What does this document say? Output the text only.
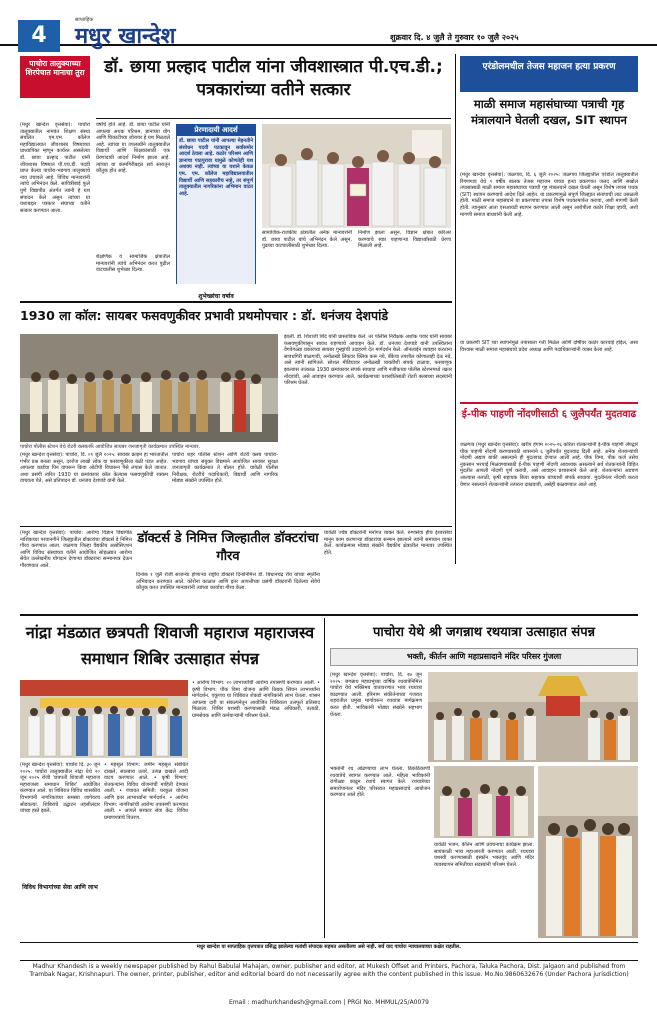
4
साप्ताहिक
मधुर खान्देश	शुक्रवार दि. ४ जुलै ते गुरुवार १० जुलै २०२५
पाचोरा तालुक्याच्या शिरपेचात मानाचा तुरा	डॉ. छाया प्रल्हाद पाटील यांना जीवशास्त्रात पी.एच.डी.; पत्रकारांच्या वतीने सत्कार
(मधुर खान्देश वृत्तसेवा): पाचोरा तालुक्यातील नामवंत शिक्षण संस्था संचलित एम.एम. कॉलेज महाविद्यालयात जीवशास्त्र विषयाच्या प्राध्यापिका म्हणून कार्यरत असलेल्या डॉ. छाया प्रल्हाद पाटील यांनी जीवशास्त्र विषयात पी.एच.डी. पदवी प्राप्त केल्या पाचोरा-भडगाव तालुक्याचे नाव उंचावले आहे. विविध मान्यवरांनी त्यांचे अभिनंदन केले. सावित्रीबाई फुले पुणे विद्यापीठ अंतर्गत त्यांनी हे यश संपादन केले असून त्यांच्या या यशाबद्दल पत्रकार संघाच्या वतीने सत्कार करण्यात आला.
वर्षांचे होते आहे. डॉ. छाया पाटील यांनी आपल्या अथक परिश्रम, ज्ञानाच्या योग आणि चिकाटीच्या जोरावर हे यश मिळवले आहे. त्यांच्या या उपलब्धीने तालुक्यातील विद्यार्थी आणि शिक्षकांसाठी एक प्रेरणादायी आदर्श निर्माण झाला आहे. त्यांच्या या कामगिरीबद्दल सर्व स्तरातून कौतुक होत आहे.
प्रेरणादायी आदर्श
डॉ. छाया पाटील यांनी आपल्या मेहनतीने संशोधन पदवी पटकावून सर्वांसमोर आदर्श ठेवला आहे. कठोर परिश्रम आणि ज्ञानाचा पाठपुरावा यामुळे कोणतेही यश अशक्य नाही. त्यांच्या या यशाने केवळ एम. एम. कॉलेज महाविद्यालयातील विद्यार्थी आणि सहकारीच नव्हे, तर संपूर्ण तालुक्यातील नागरिकांना अभिमान वाटत आहे.
शैक्षणिक व सामाजिक क्षेत्रातील मान्यवरांनी त्यांचे अभिनंदन करत पुढील वाटचालीस शुभेच्छा दिल्या.
शुभेच्छांचा वर्षाव
सामाजिक-राजकीय क्षेत्रातील अनेक मान्यवरांनी डॉ. छाया पाटील यांचे अभिनंदन केले असून, पुढच्या वाटचालीसाठी शुभेच्छा दिल्या.
निर्माण झाला असून, विज्ञान क्षेत्रात करिअर करण्याचे स्वप्न पाहणाऱ्या विद्यार्थ्यांसाठी प्रेरणा मिळाली आहे.
एरंडोलमधील तेजस महाजन हत्या प्रकरण
माळी समाज महासंघाच्या पत्राची गृह मंत्रालयाने घेतली दखल, SIT स्थापन
(मधुर खान्देश वृत्तसेवा): जळगाव, दि. ६ जुलै २०२५: जळगाव जिल्ह्यातील एरंडोल तालुक्यातील रिंगणगाव येथे ९ वर्षीय बालक तेजस महाजन याच्या हत्या प्रकरणात जलद आणि सखोल तपासासाठी माळी समाज महासंघाच्या पत्राची गृह मंत्रालयाने दखल घेतली असून विशेष तपास पथक (SIT) स्थापन करण्याचे आदेश दिले आहेत. या प्रकरणामुळे संपूर्ण जिल्ह्यात संतापाची लाट उसळली होती. माळी समाज महासंघाने या प्रकरणाचा तपास विशेष पथकामार्फत करावा, अशी मागणी केली होती. त्यानुसार आता एसआयटी स्थापन करण्यात आली असून आरोपीला कठोर शिक्षा व्हावी, अशी मागणी समाज बांधवांनी केली आहे.
या प्रकरणी SIT च्या स्थापनेमुळे तपासाला गती मिळेल आणि दोषींवर कठोर कारवाई होईल, असा विश्वास माळी समाज महासंघाचे प्रदेश अध्यक्ष आणि पदाधिकाऱ्यांनी व्यक्त केला आहे.
1930 ला कॉल: सायबर फसवणुकीवर प्रभावी प्रथमोपचार : डॉ. धनंजय देशपांडे
पाचोरा पोलीस स्टेशन येथे रोटरी क्लबतर्फे आयोजित सायबर जनजागृती कार्यक्रमात उपस्थित मान्यवर.
(मधुर खान्देश वृत्तसेवा): पाचोरा, दि. ०१ जुलै २०२५: सायबर क्राइम हा भारतातील गंभीर प्रश्न बनला असून, दररोज लाखो लोक या फसवणुकीला बळी पडत आहेत. आपल्या कार्डचा पिन वापरून किंवा ओटीपी विचारून पैसे लंपास केले जातात. अशा प्रसंगी त्वरित 1930 या क्रमांकावर कॉल केल्यास फसवणुकीची रक्कम वाचवता येते, असे प्रतिपादन डॉ. धनंजय देशपांडे यांनी केले.
पाचोरा शहर पोलीस स्टेशन आणि रोटरी क्लब पाचोरा-भडगाव यांच्या संयुक्त विद्यमाने आयोजित सायबर सुरक्षा जनजागृती कार्यक्रमात ते बोलत होते. यावेळी पोलीस निरीक्षक, रोटरीचे पदाधिकारी, विद्यार्थी आणि नागरिक मोठ्या संख्येने उपस्थित होते.
झाली. डॉ. शिवाजी शिंदे यांनी प्रास्ताविक केले. तर पोलीस निरीक्षक अशोक पवार यांनी सायबर फसवणुकीपासून सावध राहण्याचे आवाहन केले. डॉ. धनंजय देशपांडे यांनी उपस्थितांना वेगवेगळ्या प्रकारच्या सायबर गुन्ह्यांची उदाहरणे देत मार्गदर्शन केले. ऑनलाईन व्यवहार करताना सावधगिरी बाळगावी, अनोळखी लिंकवर क्लिक करू नये, बँकेचा तपशील कोणालाही देऊ नये, असे त्यांनी सांगितले. सोशल मीडियावर अनोळखी व्यक्तींशी संपर्क टाळावा, फसवणूक झाल्यास तात्काळ 1930 क्रमांकावर संपर्क साधावा आणि नजीकच्या पोलीस स्टेशनमध्ये तक्रार नोंदवावी, असे आवाहन करण्यात आले. कार्यक्रमाच्या यशस्वीतेसाठी रोटरी क्लबच्या सदस्यांनी परिश्रम घेतले.
ई-पीक पाहणी नोंदणीसाठी ६ जुलैपर्यंत मुदतवाढ
जळगाव (मधुर खान्देश वृत्तसेवा): खरीप हंगाम २०२५-२६ करिता शेतकऱ्यांनी ई-पीक पाहणी अ‍ॅपद्वारे पीक पाहणी नोंदणी करण्यासाठी शासनाने ६ जुलैपर्यंत मुदतवाढ दिली आहे. अनेक शेतकऱ्यांची नोंदणी अद्याप बाकी असल्याने ही मुदतवाढ देण्यात आली आहे. पीक विमा, पीक कर्ज तसेच नुकसान भरपाई मिळवण्यासाठी ई-पीक पाहणी नोंदणी आवश्यक असल्याने सर्व शेतकऱ्यांनी विहित मुदतीत आपली नोंदणी पूर्ण करावी, असे आवाहन प्रशासनाने केले आहे. शेतकऱ्यांना अडचण आल्यास तलाठी, कृषी सहायक किंवा सहायक यांच्याशी संपर्क साधावा. मुदतीनंतर नोंदणी करता येणार नसल्याने शेतकऱ्यांनी तत्परता दाखवावी, असेही कळवण्यात आले आहे.
(मधुर खान्देश वृत्तसेवा): पाचोरा: आरोग्य विज्ञान विद्यापीठ नाशिकच्या परवानगीने जिल्ह्यातील डॉक्टरांचा डॉक्टर्स डे निमित्त गौरव करण्यात आला. जळगाव जिल्हा वैद्यकीय असोसिएशन आणि विविध संस्थांच्या वतीने आयोजित सोहळ्यात आरोग्य सेवेत उल्लेखनीय योगदान देणाऱ्या डॉक्टरांना सन्मानपत्र देऊन गौरवण्यात आले.
डॉक्टर्स डे निमित्त जिल्हातील डॉक्टरांचा गौरव
दिनांक १ जुलै रोजी साजऱ्या होणाऱ्या राष्ट्रीय डॉक्टर्स दिनानिमित्त डॉ. बिधानचंद्र रॉय यांच्या स्मृतींना अभिवादन करण्यात आले. कोरोना काळात आणि इतर आपत्तीच्या प्रसंगी डॉक्टरांनी दिलेल्या सेवेचे कौतुक करत उपस्थित मान्यवरांनी त्यांच्या कार्याचा गौरव केला.
यावेळी ज्येष्ठ डॉक्टरांनी मनोगत व्यक्त केले. रुग्णसेवा हीच ईश्वरसेवा मानून काम करणाऱ्या डॉक्टरांचा सन्मान झाल्याने त्यांनी समाधान व्यक्त केले. कार्यक्रमास मोठ्या संख्येने वैद्यकीय क्षेत्रातील मान्यवर उपस्थित होते.
नांद्रा मंडळात छत्रपती शिवाजी महाराज महाराजस्व समाधान शिबिर उत्साहात संपन्न
पाचोरा येथे श्री जगन्नाथ रथयात्रा उत्साहात संपन्न
भक्ती, कीर्तन आणि महाप्रसादाने मंदिर परिसर गुंजला
(मधुर खान्देश वृत्तसेवा): पाचोरा दि. ३० जून २०२५: पाचोरा तालुक्यातील नांद्रा येथे २० जून २०२५ रोजी 'छत्रपती शिवाजी महाराज महाराजस्व समाधान शिबिर' आयोजित करण्यात आले. या शिबिरात विविध शासकीय विभागांनी नागरिकांच्या समस्या जागेवरच सोडवल्या. शिबिराचे उद्घाटन तहसीलदार यांच्या हस्ते झाले.
विविध विभागांच्या सेवा आणि लाभ
• महसूल विभाग: जमीन महसूल संबंधित दाखले, सातबारा उतारे, उत्पन्न दाखले आदी वाटप करण्यात आले. • कृषी विभाग: शेतकऱ्यांना विविध योजनांची माहिती देण्यात आली. • पंचायत समिती: घरकुल योजना आणि इतर लाभार्थ्यांना मार्गदर्शन. • आरोग्य विभाग: नागरिकांची आरोग्य तपासणी करण्यात आली. • आपले सरकार सेवा केंद्र: विविध प्रमाणपत्रांचे वितरण.
• आरोग्य विभाग: २० लाभार्थ्यांची आरोग्य तपासणी करण्यात आली. • कृषी विभाग: पीक विमा योजना आणि ठिबक सिंचन लाभार्थ्यांना मार्गदर्शन. एकूणच या शिबिरात शेकडो नागरिकांनी लाभ घेतला. शासन आपल्या दारी या संकल्पनेतून आयोजित शिबिराला उत्स्फूर्त प्रतिसाद मिळाला. शिबिर यशस्वी करण्यासाठी मंडळ अधिकारी, तलाठी, ग्रामसेवक आणि कर्मचाऱ्यांनी परिश्रम घेतले.
(मधुर खान्देश वृत्तसेवा): पाचोरा, दि. २७ जून २०२५: जगन्नाथ महाप्रभूंच्या वार्षिक रथयात्रेनिमित्त पाचोरा येथे भक्तिमय वातावरणात भव्य रथयात्रा काढण्यात आली. हरिनाम संकीर्तनाच्या गजरात शहरातील प्रमुख मार्गावरून रथयात्रा मार्गक्रमण करत होती. भाविकांनी मोठ्या संख्येने सहभाग घेतला.
भक्तांनी रथ ओढण्याचा लाभ घेतला. ठिकठिकाणी रथयात्रेचे स्वागत करण्यात आले. महिला भाविकांनी रांगोळ्या काढून रथाचे स्वागत केले. रथयात्रेच्या समारोपानंतर मंदिर परिसरात महाप्रसादाचे आयोजन करण्यात आले होते.
यावेळी भजन, कीर्तन आणि प्रवचनाचा कार्यक्रम झाला. सायंकाळी भव्य महाआरती करण्यात आली. रथयात्रा यशस्वी करण्यासाठी इस्कॉन भक्तवृंद आणि मंदिर व्यवस्थापन समितीच्या सदस्यांनी परिश्रम घेतले.
मधुर खान्देश या साप्ताहिक वृत्तपत्रात प्रसिद्ध झालेल्या मतांशी संपादक सहमत असतीलच असे नाही. सर्व वाद पाचोरा न्यायालयाच्या कक्षेत राहतील.
Madhur Khandesh is a weekly newspaper published by Rahul Babulal Mahajan, owner, publisher and editor, at Mukesh Offset and Printers, Pachora, Taluka Pachora, Dist. Jalgaon and published from Trambak Nagar, Krishnapuri. The owner, printer, publisher, editor and editorial board do not necessarily agree with the content published in this issue. Mo.No.9860632676 (Under Pachora jurisdiction)
Email : madhurkhandesh@gmail.com | PRGI No. MHMUL/25/A0079
